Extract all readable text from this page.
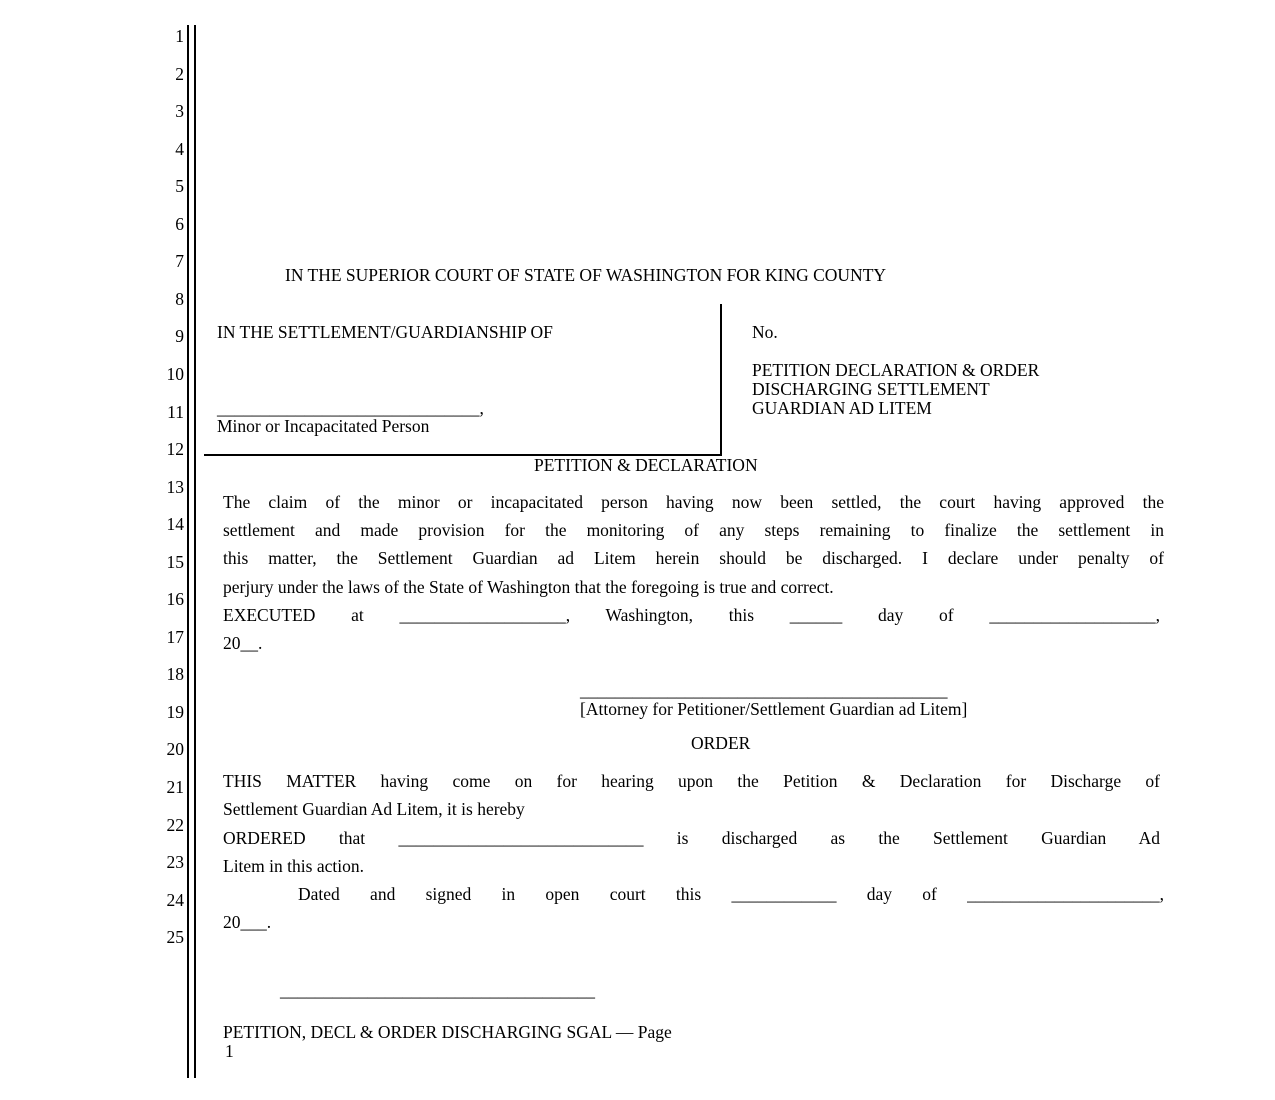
1
2
3
4
5
6
7
8
9
10
11
12
13
14
15
16
17
18
19
20
21
22
23
24
25
IN THE SUPERIOR COURT OF STATE OF WASHINGTON FOR KING COUNTY
IN THE SETTLEMENT/GUARDIANSHIP OF
______________________________,
Minor or Incapacitated Person
No.
PETITION DECLARATION & ORDER
DISCHARGING SETTLEMENT
GUARDIAN AD LITEM
PETITION & DECLARATION
The claim of the minor or incapacitated person having now been settled, the court having approved the
settlement and made provision for the monitoring of any steps remaining to finalize the settlement in
this matter, the Settlement Guardian ad Litem herein should be discharged. I declare under penalty of
perjury under the laws of the State of Washington that the foregoing is true and correct.
EXECUTED at ___________________, Washington, this ______ day of ___________________,
20__.
__________________________________________
[Attorney for Petitioner/Settlement Guardian ad Litem]
ORDER
THIS MATTER having come on for hearing upon the Petition & Declaration for Discharge of
Settlement Guardian Ad Litem, it is hereby
ORDERED that ____________________________ is discharged as the Settlement Guardian Ad
Litem in this action.
Dated and signed in open court this ____________ day of ______________________,
20___.
____________________________________
PETITION, DECL & ORDER DISCHARGING SGAL — Page
1
